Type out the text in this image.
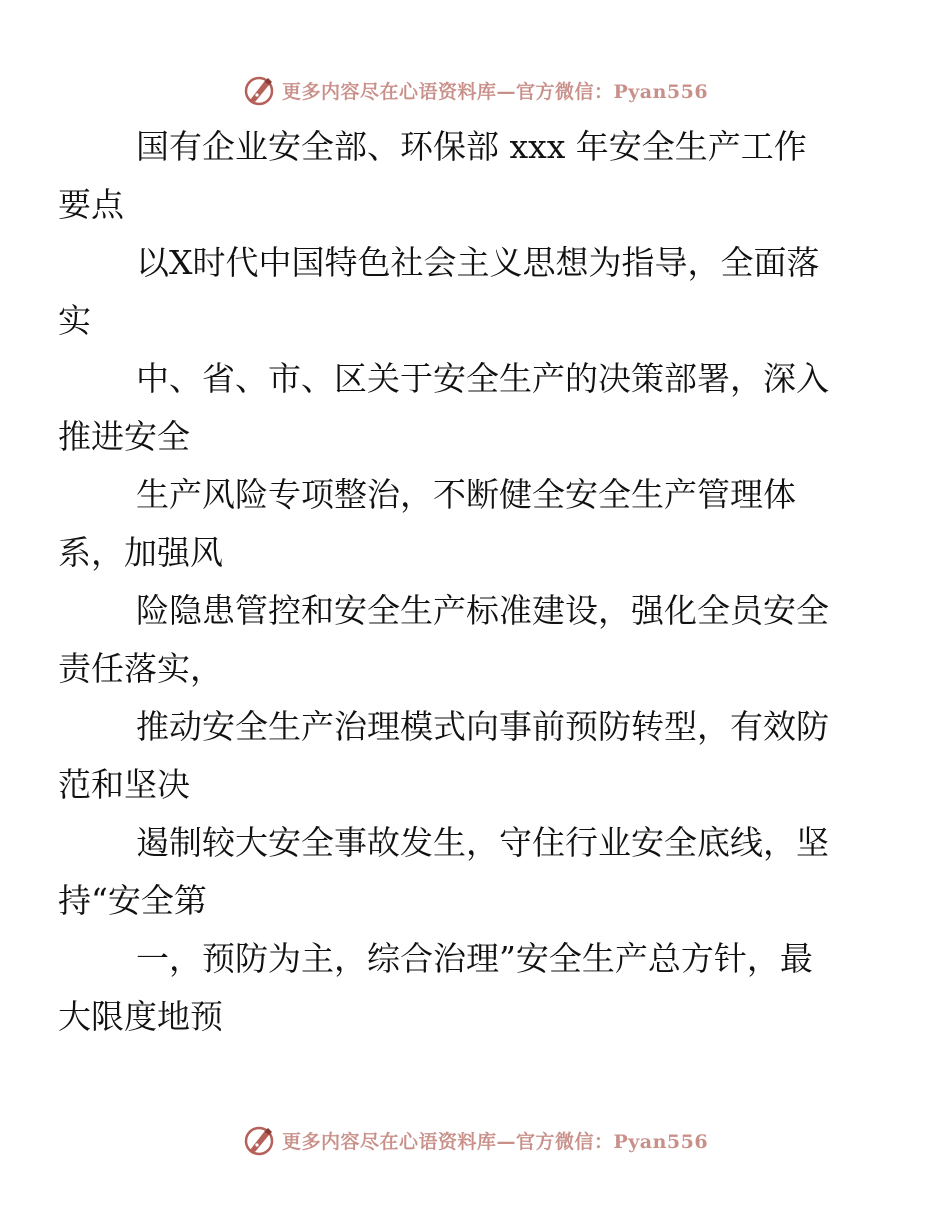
更多内容尽在心语资料库—官方微信：Pyan556

国有企业安全部、环保部 xxx 年安全生产工作
要点

以X时代中国特色社会主义思想为指导，全面落
实

中、省、市、区关于安全生产的决策部署，深入
推进安全

生产风险专项整治，不断健全安全生产管理体
系，加强风

险隐患管控和安全生产标准建设，强化全员安全
责任落实，

推动安全生产治理模式向事前预防转型，有效防
范和坚决

遏制较大安全事故发生，守住行业安全底线，坚
持“安全第

一，预防为主，综合治理”安全生产总方针，最
大限度地预

更多内容尽在心语资料库—官方微信：Pyan556
